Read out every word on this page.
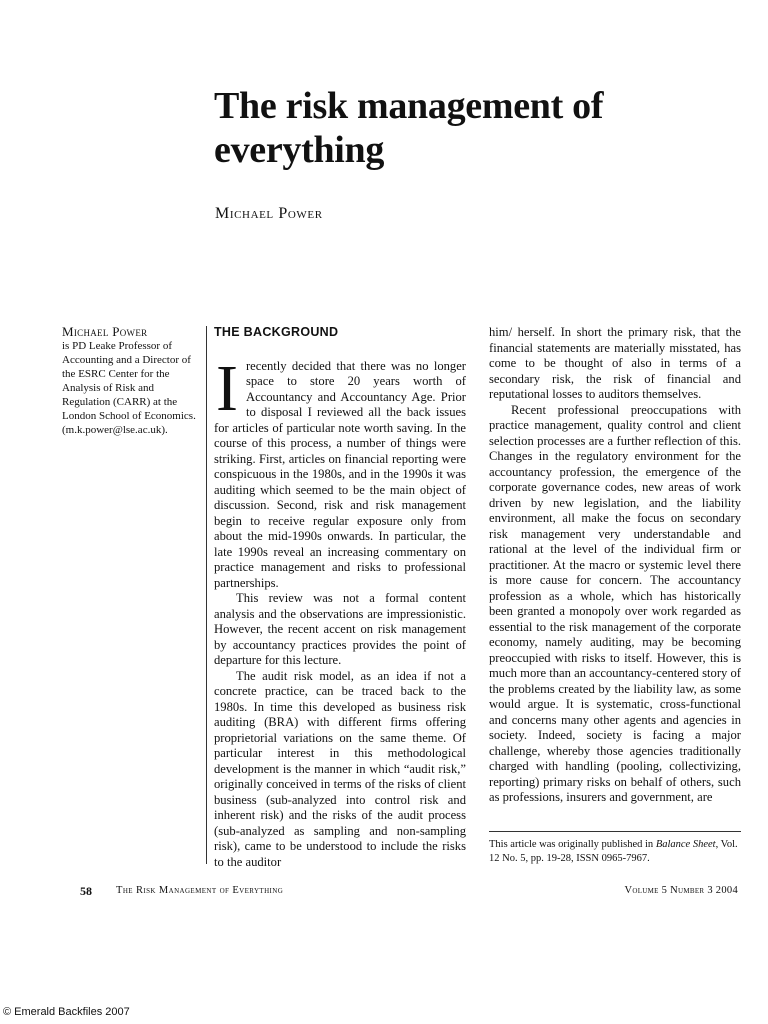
The risk management of everything
Michael Power
Michael Power
is PD Leake Professor of Accounting and a Director of the ESRC Center for the Analysis of Risk and Regulation (CARR) at the London School of Economics.
(m.k.power@lse.ac.uk).
THE BACKGROUND

Irecently decided that there was no longer space to store 20 years worth of Accountancy and Accountancy Age. Prior to disposal I reviewed all the back issues for articles of particular note worth saving. In the course of this process, a number of things were striking. First, articles on financial reporting were conspicuous in the 1980s, and in the 1990s it was auditing which seemed to be the main object of discussion. Second, risk and risk management begin to receive regular exposure only from about the mid-1990s onwards. In particular, the late 1990s reveal an increasing commentary on practice management and risks to professional partnerships.

This review was not a formal content analysis and the observations are impressionistic. However, the recent accent on risk management by accountancy practices provides the point of departure for this lecture.

The audit risk model, as an idea if not a concrete practice, can be traced back to the 1980s. In time this developed as business risk auditing (BRA) with different firms offering proprietorial variations on the same theme. Of particular interest in this methodological development is the manner in which “audit risk,” originally conceived in terms of the risks of client business (sub-analyzed into control risk and inherent risk) and the risks of the audit process (sub-analyzed as sampling and non-sampling risk), came to be understood to include the risks to the auditor

him/ herself. In short the primary risk, that the financial statements are materially misstated, has come to be thought of also in terms of a secondary risk, the risk of financial and reputational losses to auditors themselves.

Recent professional preoccupations with practice management, quality control and client selection processes are a further reflection of this. Changes in the regulatory environment for the accountancy profession, the emergence of the corporate governance codes, new areas of work driven by new legislation, and the liability environment, all make the focus on secondary risk management very understandable and rational at the level of the individual firm or practitioner. At the macro or systemic level there is more cause for concern. The accountancy profession as a whole, which has historically been granted a monopoly over work regarded as essential to the risk management of the corporate economy, namely auditing, may be becoming preoccupied with risks to itself. However, this is much more than an accountancy-centered story of the problems created by the liability law, as some would argue. It is systematic, cross-functional and concerns many other agents and agencies in society. Indeed, society is facing a major challenge, whereby those agencies traditionally charged with handling (pooling, collectivizing, reporting) primary risks on behalf of others, such as professions, insurers and government, are

This article was originally published in Balance Sheet, Vol. 12 No. 5, pp. 19-28, ISSN 0965-7967.
58 The Risk Management of Everything	Volume 5 Number 3 2004
© Emerald Backfiles 2007
